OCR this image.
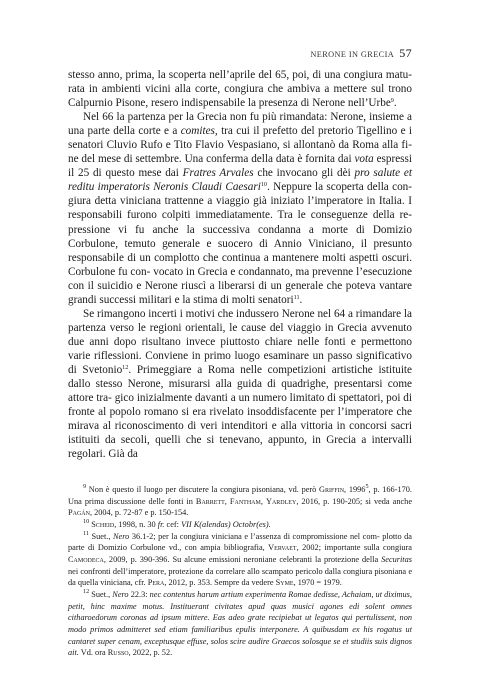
NERONE IN GRECIA 57

stesso anno, prima, la scoperta nell’aprile del 65, poi, di una congiura matu- rata in ambienti vicini alla corte, congiura che ambiva a mettere sul trono Calpurnio Pisone, resero indispensabile la presenza di Nerone nell’Urbe$^9$.

Nel 66 la partenza per la Grecia non fu più rimandata: Nerone, insieme a una parte della corte e a comites, tra cui il prefetto del pretorio Tigellino e i senatori Cluvio Rufo e Tito Flavio Vespasiano, si allontanò da Roma alla fi- ne del mese di settembre. Una conferma della data è fornita dai vota espressi il 25 di questo mese dai Fratres Arvales che invocano gli dèi pro salute et reditu imperatoris Neronis Claudi Caesari$^{10}$. Neppure la scoperta della con- giura detta viniciana trattenne a viaggio già iniziato l’imperatore in Italia. I responsabili furono colpiti immediatamente. Tra le conseguenze della re- pressione vi fu anche la successiva condanna a morte di Domizio Corbulone, temuto generale e suocero di Annio Viniciano, il presunto responsabile di un complotto che continua a mantenere molti aspetti oscuri. Corbulone fu con- vocato in Grecia e condannato, ma prevenne l’esecuzione con il suicidio e Nerone riuscì a liberarsi di un generale che poteva vantare grandi successi militari e la stima di molti senatori$^{11}$.

Se rimangono incerti i motivi che indussero Nerone nel 64 a rimandare la partenza verso le regioni orientali, le cause del viaggio in Grecia avvenuto due anni dopo risultano invece piuttosto chiare nelle fonti e permettono varie riflessioni. Conviene in primo luogo esaminare un passo significativo di Svetonio$^{12}$. Primeggiare a Roma nelle competizioni artistiche istituite dallo stesso Nerone, misurarsi alla guida di quadrighe, presentarsi come attore tra- gico inizialmente davanti a un numero limitato di spettatori, poi di fronte al popolo romano si era rivelato insoddisfacente per l’imperatore che mirava al riconoscimento di veri intenditori e alla vittoria in concorsi sacri istituiti da secoli, quelli che si tenevano, appunto, in Grecia a intervalli regolari. Già da

$^9$ Non è questo il luogo per discutere la congiura pisoniana, vd. però Griffin, 1996$^5$, p. 166-170. Una prima discussione delle fonti in Barrett, Fantham, Yardley, 2016, p. 190-205; si veda anche Pagán, 2004, p. 72-87 e p. 150-154.

$^{10}$ Scheid, 1998, n. 30 fr. cef: VII K(alendas) Octobr(es).

$^{11}$ Suet., Nero 36.1-2; per la congiura viniciana e l’assenza di compromissione nel com- plotto da parte di Domizio Corbulone vd., con ampia bibliografia, Vervaet, 2002; importante sulla congiura Camodeca, 2009, p. 390-396. Su alcune emissioni neroniane celebranti la protezione della Securitas nei confronti dell’imperatore, protezione da correlare allo scampato pericolo dalla congiura pisoniana e da quella viniciana, cfr. Pera, 2012, p. 353. Sempre da vedere Syme, 1970 = 1979.

$^{12}$ Suet., Nero 22.3: nec contentus harum artium experimenta Romae dedisse, Achaiam, ut diximus, petit, hinc maxime motus. Instituerant civitates apud quas musici agones edi solent omnes citharoedorum coronas ad ipsum mittere. Eas adeo grate recipiebat ut legatos qui pertulissent, non modo primos admitteret sed etiam familiaribus epulis interponere. A quibusdam ex his rogatus ut cantaret super cenam, exceptusque effuse, solos scire audire Graecos solosque se et studiis suis dignos ait. Vd. ora Russo, 2022, p. 52.
